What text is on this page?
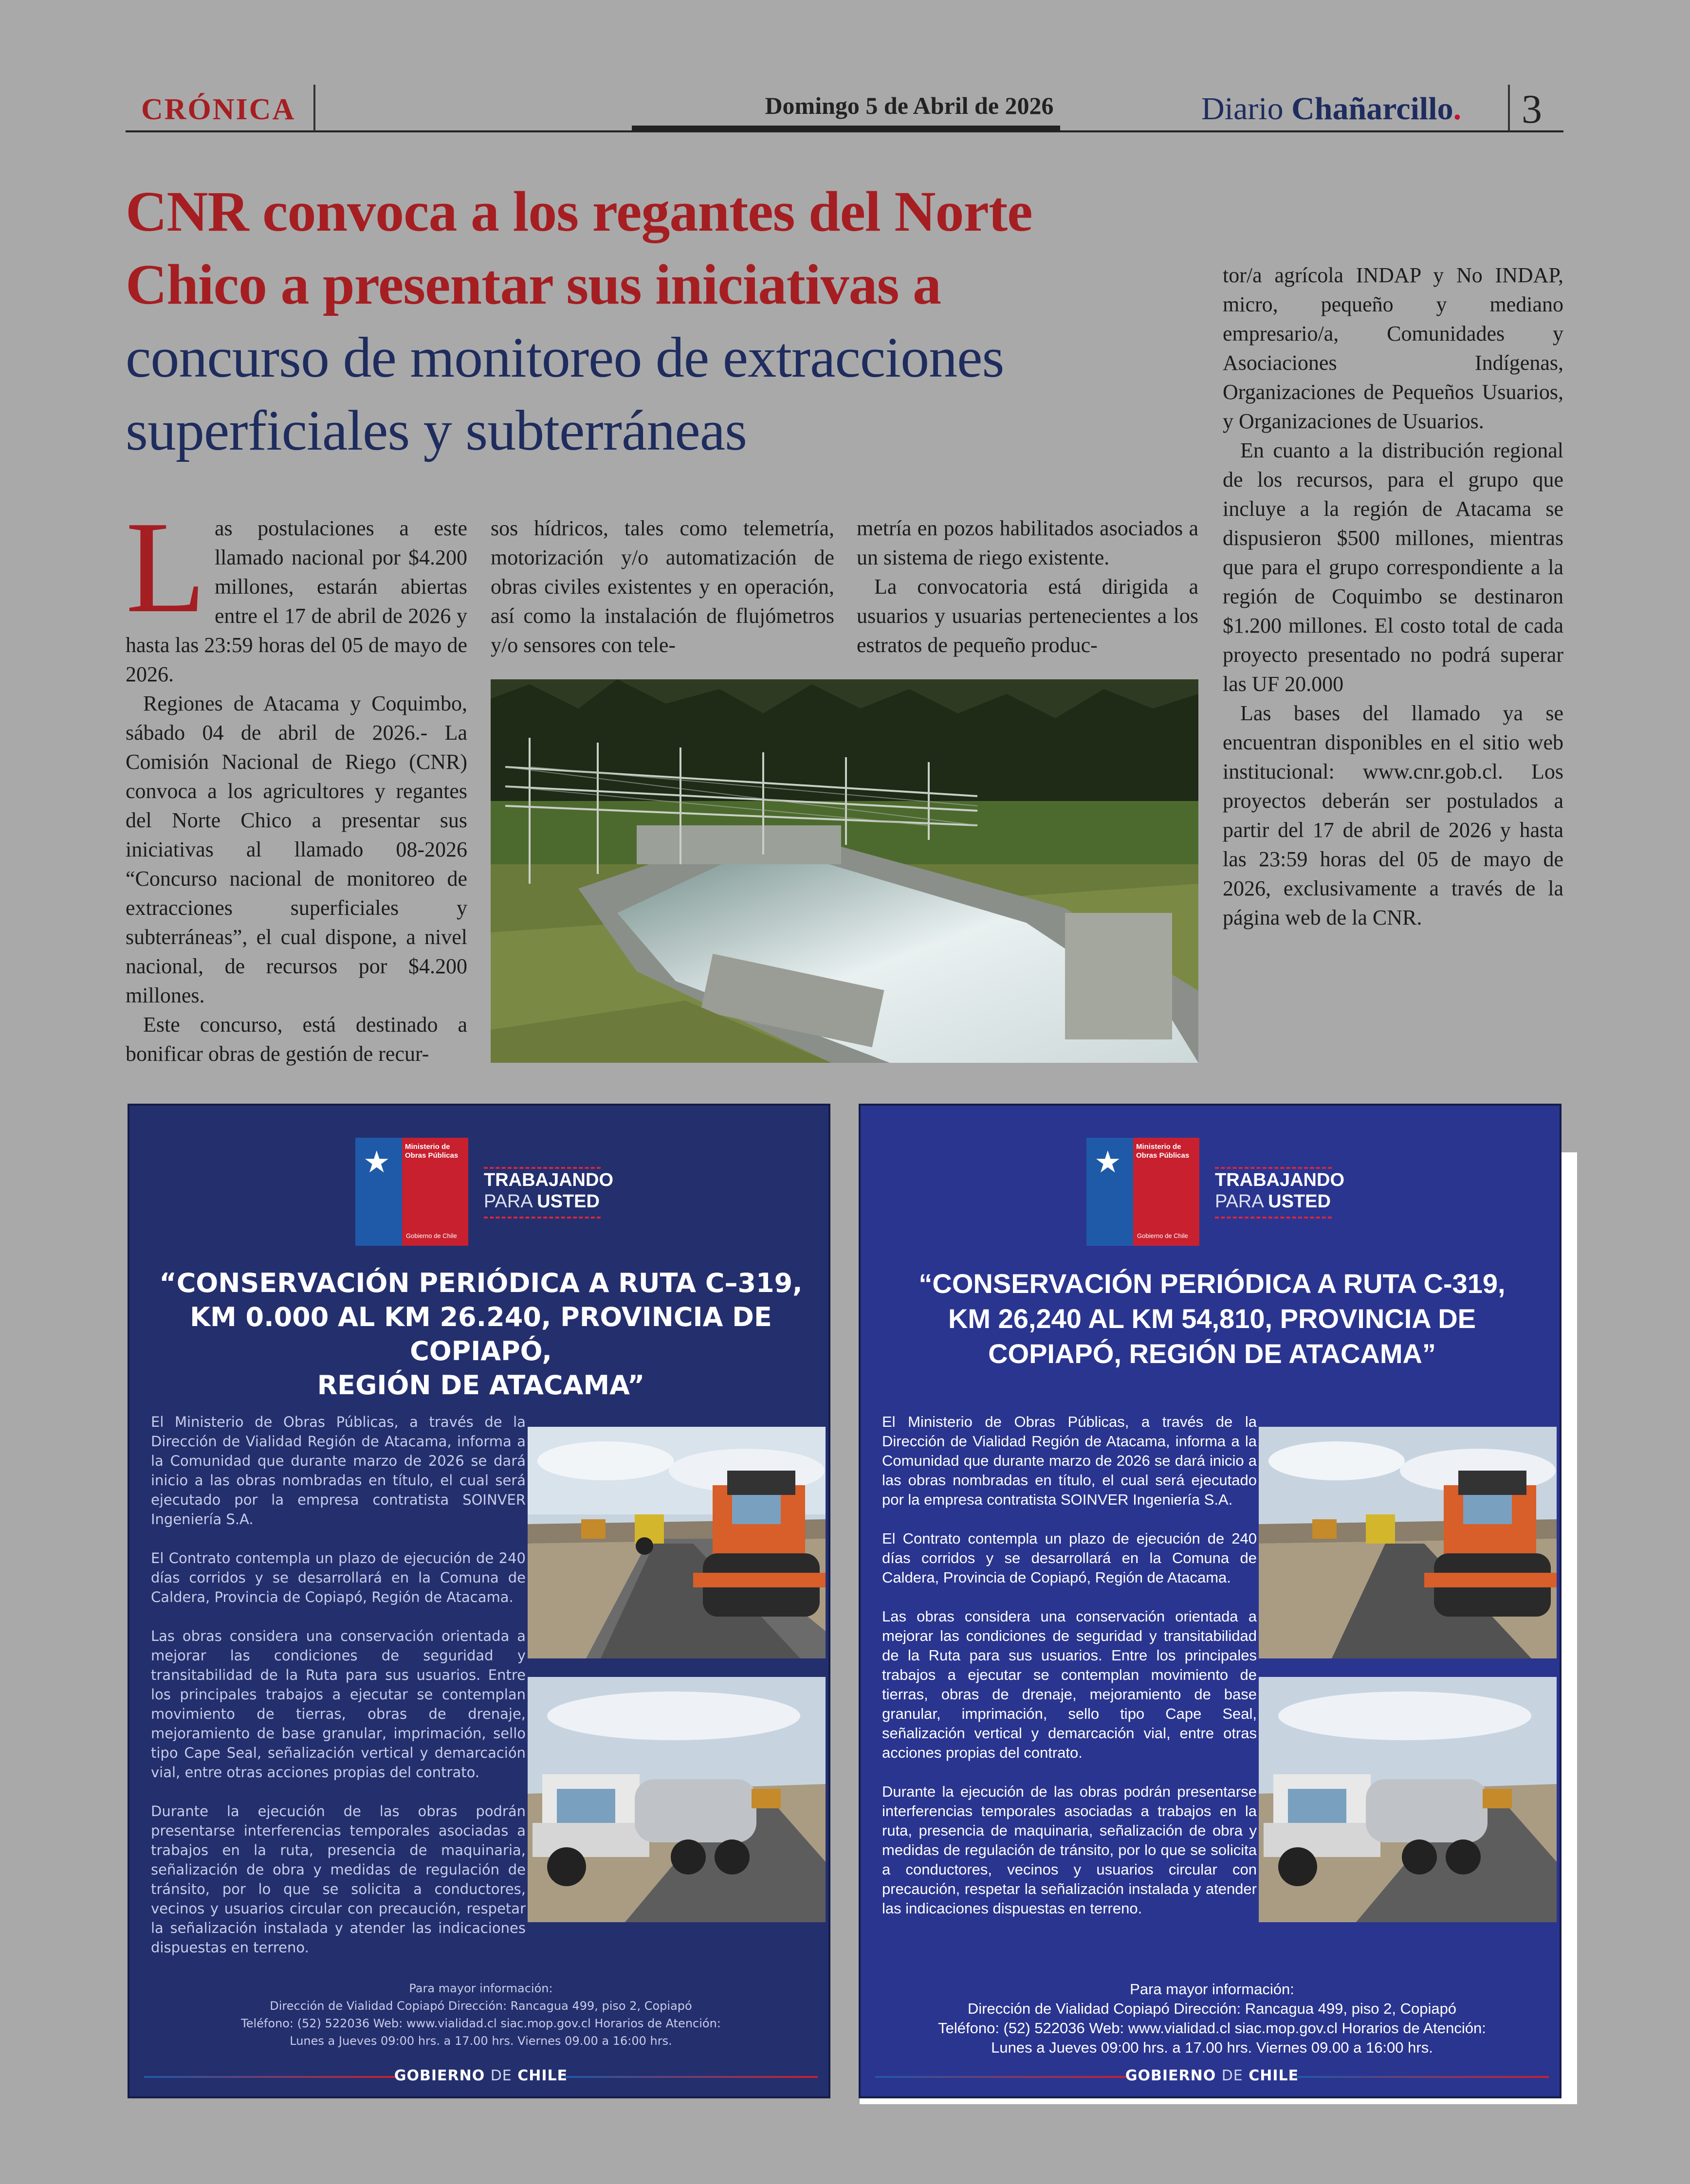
CRÓNICA	Domingo 5 de Abril de 2026	Diario Chañarcillo. 3
CNR convoca a los regantes del Norte
Chico a presentar sus iniciativas a
concurso de monitoreo de extracciones
superficiales y subterráneas
L as postulaciones a este llamado nacional por $4.200 millones, estarán abiertas entre el 17 de abril de 2026 y hasta las 23:59 horas del 05 de mayo de 2026.

Regiones de Atacama y Coquimbo, sábado 04 de abril de 2026.- La Comisión Nacional de Riego (CNR) convoca a los agricultores y regantes del Norte Chico a presentar sus iniciativas al llamado 08-2026 “Concurso nacional de monitoreo de extracciones superficiales y subterráneas”, el cual dispone, a nivel nacional, de recursos por $4.200 millones.

Este concurso, está destinado a bonificar obras de gestión de recur-

sos hídricos, tales como telemetría, motorización y/o automatización de obras civiles existentes y en operación, así como la instalación de flujómetros y/o sensores con tele-

metría en pozos habilitados asociados a un sistema de riego existente.

La convocatoria está dirigida a usuarios y usuarias pertenecientes a los estratos de pequeño produc-

tor/a agrícola INDAP y No INDAP, micro, pequeño y mediano empresario/a, Comunidades y Asociaciones Indígenas, Organizaciones de Pequeños Usuarios, y Organizaciones de Usuarios.

En cuanto a la distribución regional de los recursos, para el grupo que incluye a la región de Atacama se dispusieron $500 millones, mientras que para el grupo correspondiente a la región de Coquimbo se destinaron $1.200 millones. El costo total de cada proyecto presentado no podrá superar las UF 20.000

Las bases del llamado ya se encuentran disponibles en el sitio web institucional: www.cnr.gob.cl. Los proyectos deberán ser postulados a partir del 17 de abril de 2026 y hasta las 23:59 horas del 05 de mayo de 2026, exclusivamente a través de la página web de la CNR.

★ Ministerio de Obras Públicas
Gobierno de Chile
TRABAJANDO
PARA USTED
“CONSERVACIÓN PERIÓDICA A RUTA C–319,
KM 0.000 AL KM 26.240, PROVINCIA DE COPIAPÓ,
REGIÓN DE ATACAMA”

El Ministerio de Obras Públicas, a través de la Dirección de Vialidad Región de Atacama, informa a la Comunidad que durante marzo de 2026 se dará inicio a las obras nombradas en título, el cual será ejecutado por la empresa contratista SOINVER Ingeniería S.A.

El Contrato contempla un plazo de ejecución de 240 días corridos y se desarrollará en la Comuna de Caldera, Provincia de Copiapó, Región de Atacama.

Las obras considera una conservación orientada a mejorar las condiciones de seguridad y transitabilidad de la Ruta para sus usuarios. Entre los principales trabajos a ejecutar se contemplan movimiento de tierras, obras de drenaje, mejoramiento de base granular, imprimación, sello tipo Cape Seal, señalización vertical y demarcación vial, entre otras acciones propias del contrato.

Durante la ejecución de las obras podrán presentarse interferencias temporales asociadas a trabajos en la ruta, presencia de maquinaria, señalización de obra y medidas de regulación de tránsito, por lo que se solicita a conductores, vecinos y usuarios circular con precaución, respetar la señalización instalada y atender las indicaciones dispuestas en terreno.

Para mayor información:
Dirección de Vialidad Copiapó Dirección: Rancagua 499, piso 2, Copiapó
Teléfono: (52) 522036 Web: www.vialidad.cl siac.mop.gov.cl Horarios de Atención:
Lunes a Jueves 09:00 hrs. a 17.00 hrs. Viernes 09.00 a 16:00 hrs.
GOBIERNO DE CHILE
★ Ministerio de Obras Públicas
Gobierno de Chile
TRABAJANDO
PARA USTED
“CONSERVACIÓN PERIÓDICA A RUTA C-319,
KM 26,240 AL KM 54,810, PROVINCIA DE
COPIAPÓ, REGIÓN DE ATACAMA”

El Ministerio de Obras Públicas, a través de la Dirección de Vialidad Región de Atacama, informa a la Comunidad que durante marzo de 2026 se dará inicio a las obras nombradas en título, el cual será ejecutado por la empresa contratista SOINVER Ingeniería S.A.

El Contrato contempla un plazo de ejecución de 240 días corridos y se desarrollará en la Comuna de Caldera, Provincia de Copiapó, Región de Atacama.

Las obras considera una conservación orientada a mejorar las condiciones de seguridad y transitabilidad de la Ruta para sus usuarios. Entre los principales trabajos a ejecutar se contemplan movimiento de tierras, obras de drenaje, mejoramiento de base granular, imprimación, sello tipo Cape Seal, señalización vertical y demarcación vial, entre otras acciones propias del contrato.

Durante la ejecución de las obras podrán presentarse interferencias temporales asociadas a trabajos en la ruta, presencia de maquinaria, señalización de obra y medidas de regulación de tránsito, por lo que se solicita a conductores, vecinos y usuarios circular con precaución, respetar la señalización instalada y atender las indicaciones dispuestas en terreno.

Para mayor información:
Dirección de Vialidad Copiapó Dirección: Rancagua 499, piso 2, Copiapó
Teléfono: (52) 522036 Web: www.vialidad.cl siac.mop.gov.cl Horarios de Atención:
Lunes a Jueves 09:00 hrs. a 17.00 hrs. Viernes 09.00 a 16:00 hrs.
GOBIERNO DE CHILE
